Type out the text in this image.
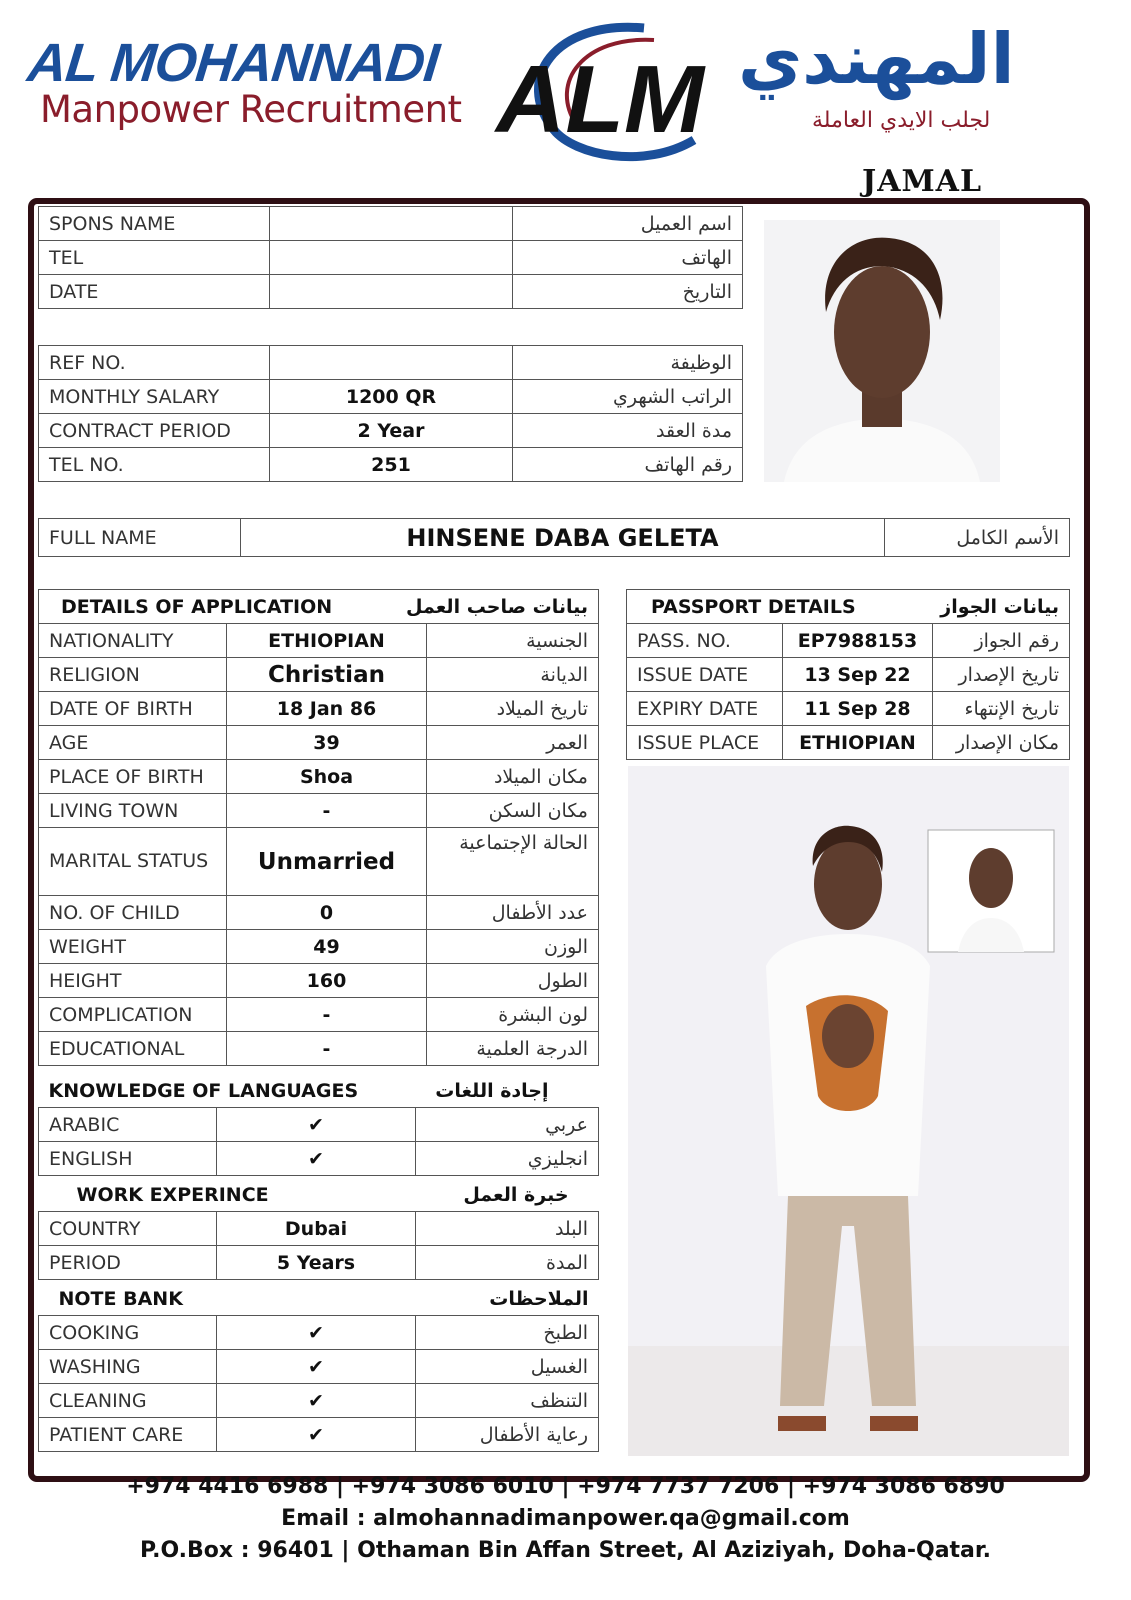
AL MOHANNADI
Manpower Recruitment ALM المهندي
لجلب الايدي العاملة
JAMAL
SPONS NAME		اسم العميل
TEL		الهاتف
DATE		التاريخ
REF NO.		الوظيفة
MONTHLY SALARY	1200 QR	الراتب الشهري
CONTRACT PERIOD	2 Year	مدة العقد
TEL NO.	251	رقم الهاتف
FULL NAME	HINSENE DABA GELETA	الأسم الكامل
DETAILS OF APPLICATION		بيانات صاحب العمل
NATIONALITY	ETHIOPIAN	الجنسية
RELIGION	Christian	الديانة
DATE OF BIRTH	18 Jan 86	تاريخ الميلاد
AGE	39	العمر
PLACE OF BIRTH	Shoa	مكان الميلاد
LIVING TOWN	-	مكان السكن
MARITAL STATUS	Unmarried	الحالة الإجتماعية
NO. OF CHILD	0	عدد الأطفال
WEIGHT	49	الوزن
HEIGHT	160	الطول
COMPLICATION	-	لون البشرة
EDUCATIONAL	-	الدرجة العلمية
KNOWLEDGE OF LANGUAGES		إجادة اللغات
ARABIC	✔	عربي
ENGLISH	✔	انجليزي
WORK EXPERINCE		خبرة العمل
COUNTRY	Dubai	البلد
PERIOD	5 Years	المدة
NOTE BANK		الملاحظات
COOKING	✔	الطبخ
WASHING	✔	الغسيل
CLEANING	✔	التنظف
PATIENT CARE	✔	رعاية الأطفال
PASSPORT DETAILS		بيانات الجواز
PASS. NO.	EP7988153	رقم الجواز
ISSUE DATE	13 Sep 22	تاريخ الإصدار
EXPIRY DATE	11 Sep 28	تاريخ الإنتهاء
ISSUE PLACE	ETHIOPIAN	مكان الإصدار
+974 4416 6988 | +974 3086 6010 | +974 7737 7206 | +974 3086 6890
Email : almohannadimanpower.qa@gmail.com
P.O.Box : 96401 | Othaman Bin Affan Street, Al Aziziyah, Doha-Qatar.
